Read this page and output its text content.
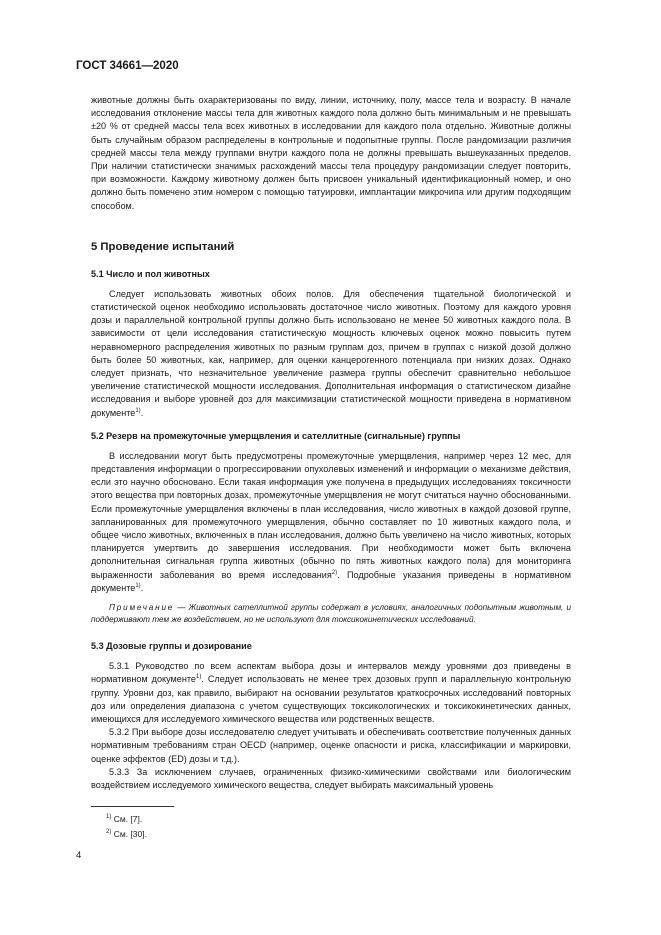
ГОСТ 34661—2020

животные должны быть охарактеризованы по виду, линии, источнику, полу, массе тела и возрасту. В начале исследования отклонение массы тела для животных каждого пола должно быть минимальным и не превышать ±20 % от средней массы тела всех животных в исследовании для каждого пола отдельно. Животные должны быть случайным образом распределены в контрольные и подопытные группы. После рандомизации различия средней массы тела между группами внутри каждого пола не должны превышать вышеуказанных пределов. При наличии статистически значимых расхождений массы тела процедуру рандомизации следует повторить, при возможности. Каждому животному должен быть присвоен уникальный идентификационный номер, и оно должно быть помечено этим номером с помощью татуировки, имплантации микрочипа или другим подходящим способом.

5 Проведение испытаний
5.1 Число и пол животных

Следует использовать животных обоих полов. Для обеспечения тщательной биологической и статистической оценок необходимо использовать достаточное число животных. Поэтому для каждого уровня дозы и параллельной контрольной группы должно быть использовано не менее 50 животных каждого пола. В зависимости от цели исследования статистическую мощность ключевых оценок можно повысить путем неравномерного распределения животных по разным группам доз, причем в группах с низкой дозой должно быть более 50 животных, как, например, для оценки канцерогенного потенциала при низких дозах. Однако следует признать, что незначительное увеличение размера группы обеспечит сравнительно небольшое увеличение статистической мощности исследования. Дополнительная информация о статистическом дизайне исследования и выборе уровней доз для максимизации статистической мощности приведена в нормативном документе$^{1)}$.

5.2 Резерв на промежуточные умерщвления и сателлитные (сигнальные) группы

В исследовании могут быть предусмотрены промежуточные умерщвления, например через 12 мес, для представления информации о прогрессировании опухолевых изменений и информации о механизме действия, если это научно обосновано. Если такая информация уже получена в предыдущих исследованиях токсичности этого вещества при повторных дозах, промежуточные умерщвления не могут считаться научно обоснованными. Если промежуточные умерщвления включены в план исследования, число животных в каждой дозовой группе, запланированных для промежуточного умерщвления, обычно составляет по 10 животных каждого пола, и общее число животных, включенных в план исследования, должно быть увеличено на число животных, которых планируется умертвить до завершения исследования. При необходимости может быть включена дополнительная сигнальная группа животных (обычно по пять животных каждого пола) для мониторинга выраженности заболевания во время исследования$^{2)}$. Подробные указания приведены в нормативном документе$^{1)}$.

Примечание — Животных сателлитной группы содержат в условиях, аналогичных подопытным животным, и поддерживают тем же воздействием, но не используют для токсикокинетических исследований.

5.3 Дозовые группы и дозирование

5.3.1 Руководство по всем аспектам выбора дозы и интервалов между уровнями доз приведены в нормативном документе$^{1)}$. Следует использовать не менее трех дозовых групп и параллельную контрольную группу. Уровни доз, как правило, выбирают на основании результатов краткосрочных исследований повторных доз или определения диапазона с учетом существующих токсикологических и токсикокинетических данных, имеющихся для исследуемого химического вещества или родственных веществ.

5.3.2 При выборе дозы исследователю следует учитывать и обеспечивать соответствие полученных данных нормативным требованиям стран OECD (например, оценке опасности и риска, классификации и маркировки, оценке эффектов (ED) дозы и т.д.).

5.3.3 За исключением случаев, ограниченных физико-химическими свойствами или биологическим воздействием исследуемого химического вещества, следует выбирать максимальный уровень

$^{1)}$ См. [7].
$^{2)}$ См. [30].
4
